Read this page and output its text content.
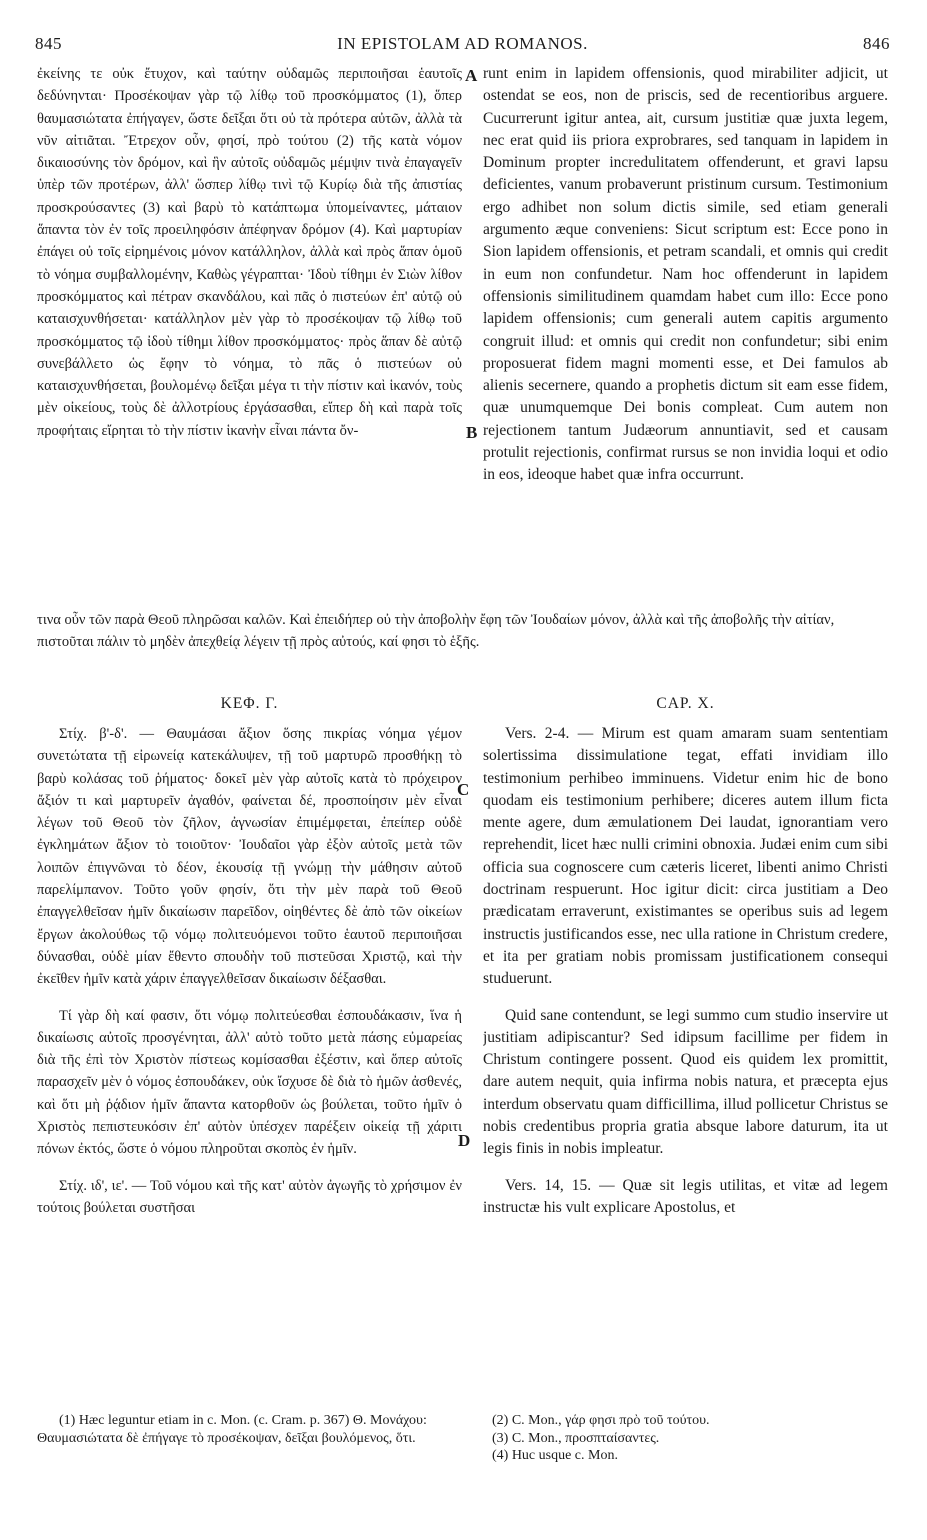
845	IN EPISTOLAM AD ROMANOS.	846

ἐκείνης τε οὐκ ἔτυχον, καὶ ταύτην οὐδαμῶς περιποιῆσαι ἑαυτοῖς δεδύνηνται· Προσέκοψαν γὰρ τῷ λίθῳ τοῦ προσκόμματος (1), ὅπερ θαυμασιώτατα ἐπήγαγεν, ὥστε δεῖξαι ὅτι οὐ τὰ πρότερα αὐτῶν, ἀλλὰ τὰ νῦν αἰτιᾶται. Ἔτρεχον οὖν, φησί, πρὸ τούτου (2) τῆς κατὰ νόμον δικαιοσύνης τὸν δρόμον, καὶ ἣν αὐτοῖς οὐδαμῶς μέμψιν τινὰ ἐπαγαγεῖν ὑπὲρ τῶν προτέρων, ἀλλ' ὥσπερ λίθῳ τινὶ τῷ Κυρίῳ διὰ τῆς ἀπιστίας προσκρούσαντες (3) καὶ βαρὺ τὸ κατάπτωμα ὑπομείναντες, μάταιον ἅπαντα τὸν ἐν τοῖς προειληφόσιν ἀπέφηναν δρόμον (4). Καὶ μαρτυρίαν ἐπάγει οὐ τοῖς εἰρημένοις μόνον κατάλληλον, ἀλλὰ καὶ πρὸς ἅπαν ὁμοῦ τὸ νόημα συμβαλλομένην, Καθὼς γέγραπται· Ἰδοὺ τίθημι ἐν Σιὼν λίθον προσκόμματος καὶ πέτραν σκανδάλου, καὶ πᾶς ὁ πιστεύων ἐπ' αὐτῷ οὐ καταισχυνθήσεται· κατάλληλον μὲν γὰρ τὸ προσέκοψαν τῷ λίθῳ τοῦ προσκόμματος τῷ ἰδοὺ τίθημι λίθον προσκόμματος· πρὸς ἅπαν δὲ αὐτῷ συνεβάλλετο ὡς ἔφην τὸ νόημα, τὸ πᾶς ὁ πιστεύων οὐ καταισχυνθήσεται, βουλομένῳ δεῖξαι μέγα τι τὴν πίστιν καὶ ἱκανόν, τοὺς μὲν οἰκείους, τοὺς δὲ ἀλλοτρίους ἐργάσασθαι, εἴπερ δὴ καὶ παρὰ τοῖς προφήταις εἴρηται τὸ τὴν πίστιν ἱκανὴν εἶναι πάντα ὄν-

runt enim in lapidem offensionis, quod mirabiliter adjicit, ut ostendat se eos, non de priscis, sed de recentioribus arguere. Cucurrerunt igitur antea, ait, cursum justitiæ quæ juxta legem, nec erat quid iis priora exprobrares, sed tanquam in lapidem in Dominum propter incredulitatem offenderunt, et gravi lapsu deficientes, vanum probaverunt pristinum cursum. Testimonium ergo adhibet non solum dictis simile, sed etiam generali argumento æque conveniens: Sicut scriptum est: Ecce pono in Sion lapidem offensionis, et petram scandali, et omnis qui credit in eum non confundetur. Nam hoc offenderunt in lapidem offensionis similitudinem quamdam habet cum illo: Ecce pono lapidem offensionis; cum generali autem capitis argumento congruit illud: et omnis qui credit non confundetur; sibi enim proposuerat fidem magni momenti esse, et Dei famulos ab alienis secernere, quando a prophetis dictum sit eam esse fidem, quæ unumquemque Dei bonis compleat. Cum autem non rejectionem tantum Judæorum annuntiavit, sed et causam protulit rejectionis, confirmat rursus se non invidia loqui et odio in eos, ideoque habet quæ infra occurrunt.

A
B

τινα οὖν τῶν παρὰ Θεοῦ πληρῶσαι καλῶν. Καὶ ἐπειδήπερ οὐ τὴν ἀποβολὴν ἔφη τῶν Ἰουδαίων μόνον, ἀλλὰ καὶ τῆς ἀποβολῆς τὴν αἰτίαν, πιστοῦται πάλιν τὸ μηδὲν ἀπεχθείᾳ λέγειν τῇ πρὸς αὐτούς, καί φησι τὸ ἑξῆς.

ΚΕΦ. Γ.	CAP. X.

Στίχ. β'-δ'. — Θαυμάσαι ἄξιον ὅσης πικρίας νόημα γέμον συνετώτατα τῇ εἰρωνείᾳ κατεκάλυψεν, τῇ τοῦ μαρτυρῶ προσθήκῃ τὸ βαρὺ κολάσας τοῦ ῥήματος· δοκεῖ μὲν γὰρ αὐτοῖς κατὰ τὸ πρόχειρον ἄξιόν τι καὶ μαρτυρεῖν ἀγαθόν, φαίνεται δέ, προσποίησιν μὲν εἶναι λέγων τοῦ Θεοῦ τὸν ζῆλον, ἀγνωσίαν ἐπιμέμφεται, ἐπείπερ οὐδὲ ἐγκλημάτων ἄξιον τὸ τοιοῦτον· Ἰουδαῖοι γὰρ ἐξὸν αὐτοῖς μετὰ τῶν λοιπῶν ἐπιγνῶναι τὸ δέον, ἑκουσίᾳ τῇ γνώμῃ τὴν μάθησιν αὐτοῦ παρελίμπανον. Τοῦτο γοῦν φησίν, ὅτι τὴν μὲν παρὰ τοῦ Θεοῦ ἐπαγγελθεῖσαν ἡμῖν δικαίωσιν παρεῖδον, οἰηθέντες δὲ ἀπὸ τῶν οἰκείων ἔργων ἀκολούθως τῷ νόμῳ πολιτευόμενοι τοῦτο ἑαυτοῦ περιποιῆσαι δύνασθαι, οὐδὲ μίαν ἔθεντο σπουδὴν τοῦ πιστεῦσαι Χριστῷ, καὶ τὴν ἐκεῖθεν ἡμῖν κατὰ χάριν ἐπαγγελθεῖσαν δικαίωσιν δέξασθαι.

Τί γὰρ δὴ καί φασιν, ὅτι νόμῳ πολιτεύεσθαι ἐσπουδάκασιν, ἵνα ἡ δικαίωσις αὐτοῖς προσγένηται, ἀλλ' αὐτὸ τοῦτο μετὰ πάσης εὐμαρείας διὰ τῆς ἐπὶ τὸν Χριστὸν πίστεως κομίσασθαι ἐξέστιν, καὶ ὅπερ αὐτοῖς παρασχεῖν μὲν ὁ νόμος ἐσπουδάκεν, οὐκ ἴσχυσε δὲ διὰ τὸ ἡμῶν ἀσθενές, καὶ ὅτι μὴ ῥᾴδιον ἡμῖν ἅπαντα κατορθοῦν ὡς βούλεται, τοῦτο ἡμῖν ὁ Χριστὸς πεπιστευκόσιν ἐπ' αὐτὸν ὑπέσχεν παρέξειν οἰκείᾳ τῇ χάριτι πόνων ἐκτός, ὥστε ὁ νόμου πληροῦται σκοπὸς ἐν ἡμῖν.

Στίχ. ιδ', ιε'. — Τοῦ νόμου καὶ τῆς κατ' αὐτὸν ἀγωγῆς τὸ χρήσιμον ἐν τούτοις βούλεται συστῆσαι

Vers. 2-4. — Mirum est quam amaram suam sententiam solertissima dissimulatione tegat, effati invidiam illo testimonium perhibeo imminuens. Videtur enim hic de bono quodam eis testimonium perhibere; diceres autem illum ficta mente agere, dum æmulationem Dei laudat, ignorantiam vero reprehendit, licet hæc nulli crimini obnoxia. Judæi enim cum sibi officia sua cognoscere cum cæteris liceret, libenti animo Christi doctrinam respuerunt. Hoc igitur dicit: circa justitiam a Deo prædicatam erraverunt, existimantes se operibus suis ad legem instructis justificandos esse, nec ulla ratione in Christum credere, et ita per gratiam nobis promissam justificationem consequi studuerunt.

Quid sane contendunt, se legi summo cum studio inservire ut justitiam adipiscantur? Sed idipsum facillime per fidem in Christum contingere possent. Quod eis quidem lex promittit, dare autem nequit, quia infirma nobis natura, et præcepta ejus interdum observatu quam difficillima, illud pollicetur Christus se nobis credentibus propria gratia absque labore daturum, ita ut legis finis in nobis impleatur.

Vers. 14, 15. — Quæ sit legis utilitas, et vitæ ad legem instructæ his vult explicare Apostolus, et

C
D

(1) Hæc leguntur etiam in c. Mon. (c. Cram. p. 367) Θ. Μονάχου: Θαυμασιώτατα δὲ ἐπήγαγε τὸ προσέκοψαν, δεῖξαι βουλόμενος, ὅτι.

(2) C. Mon., γάρ φησι πρὸ τοῦ τούτου.

(3) C. Mon., προσπταίσαντες.

(4) Huc usque c. Mon.
